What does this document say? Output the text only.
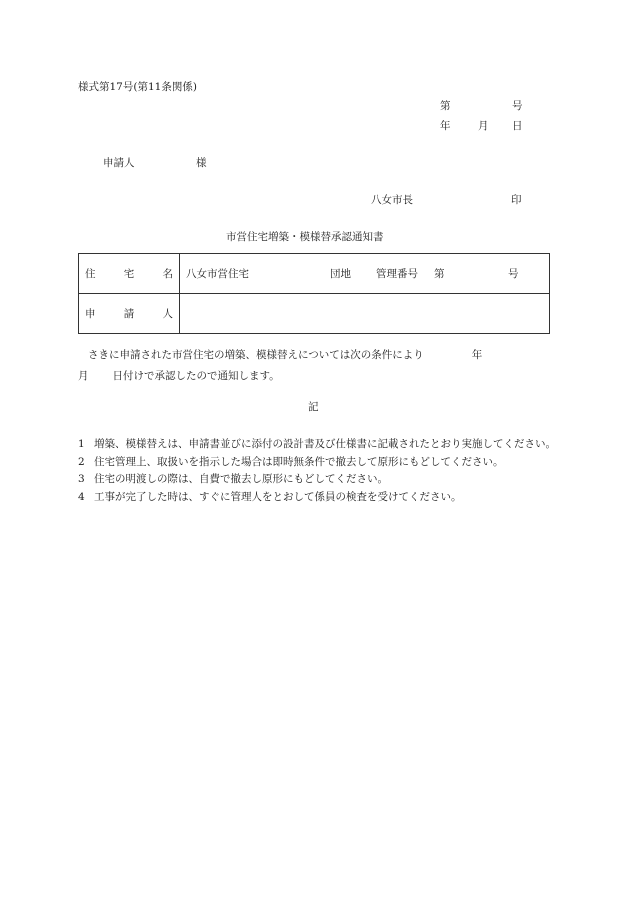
様式第17号(第11条関係)
第	号
年	月 日
申請人	様
八女市長	印
市営住宅増築・模様替承認通知書
住 宅 名	八女市営住宅 団地 管理番号 第 号

申 請 人	

さきに申請された市営住宅の増築、模様替えについては次の条件により	年
月 日付けで承認したので通知します。
記
1 増築、模様替えは、申請書並びに添付の設計書及び仕様書に記載されたとおり実施してください。
2 住宅管理上、取扱いを指示した場合は即時無条件で撤去して原形にもどしてください。
3 住宅の明渡しの際は、自費で撤去し原形にもどしてください。
4 工事が完了した時は、すぐに管理人をとおして係員の検査を受けてください。
